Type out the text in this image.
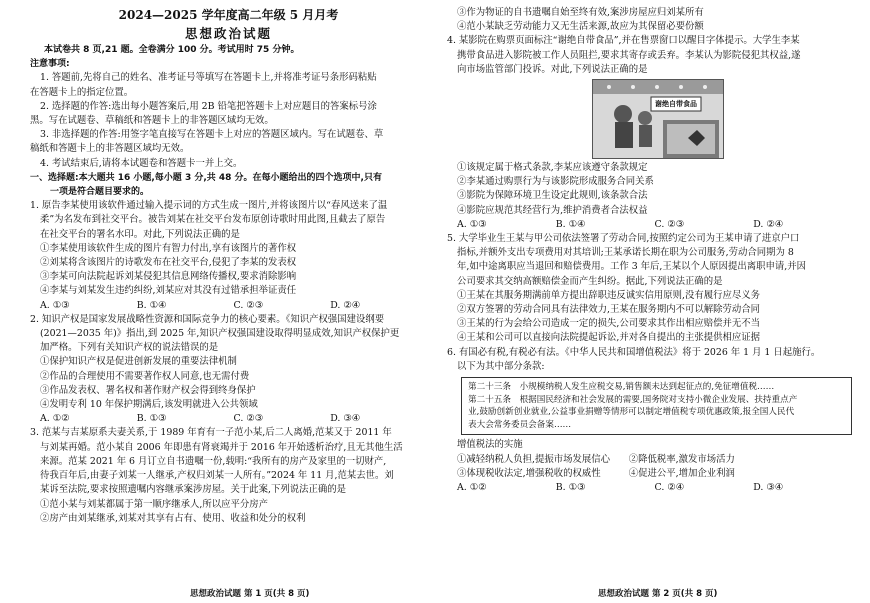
2024—2025 学年度高二年级 5 月月考
思想政治试题
本试卷共 8 页,21 题。全卷满分 100 分。考试用时 75 分钟。
注意事项:
1. 答题前,先将自己的姓名、准考证号等填写在答题卡上,并将准考证号条形码粘贴
在答题卡上的指定位置。
2. 选择题的作答:选出每小题答案后,用 2B 铅笔把答题卡上对应题目的答案标号涂
黑。写在试题卷、草稿纸和答题卡上的非答题区域均无效。
3. 非选择题的作答:用签字笔直接写在答题卡上对应的答题区域内。写在试题卷、草
稿纸和答题卡上的非答题区域均无效。
4. 考试结束后,请将本试题卷和答题卡一并上交。
一、选择题:本大题共 16 小题,每小题 3 分,共 48 分。在每小题给出的四个选项中,只有
一项是符合题目要求的。
1. 原告李某使用该软件通过输入提示词的方式生成一图片,并将该图片以“春风送来了温
柔”为名发布到社交平台。被告刘某在社交平台发布原创诗歌时用此图,且截去了原告
在社交平台的署名水印。对此,下列说法正确的是
①李某使用该软件生成的图片有智力付出,享有该图片的著作权
②刘某将含该图片的诗歌发布在社交平台,侵犯了李某的发表权
③李某可向法院起诉刘某侵犯其信息网络传播权,要求消除影响
④李某与刘某发生违约纠纷,刘某应对其没有过错承担举证责任
A. ①③	B. ①④	C. ②③	D. ②④
2. 知识产权是国家发展战略性资源和国际竞争力的核心要素。《知识产权强国建设纲要
(2021—2035 年)》指出,到 2025 年,知识产权强国建设取得明显成效,知识产权保护更
加严格。下列有关知识产权的说法错误的是
①保护知识产权是促进创新发展的重要法律机制
②作品的合理使用不需要著作权人同意,也无需付费
③作品发表权、署名权和著作财产权会得到终身保护
④发明专利 10 年保护期满后,该发明就进入公共领域
A. ①②	B. ①③	C. ②③	D. ③④
3. 范某与吉某原系夫妻关系,于 1989 年育有一子范小某,后二人离婚,范某又于 2011 年
与刘某再婚。范小某自 2006 年即患有肾衰竭并于 2016 年开始透析治疗,且无其他生活
来源。范某 2021 年 6 月订立自书遗嘱一份,载明:“我所有的房产及家里的一切财产,
待我百年后,由妻子刘某一人继承,产权归刘某一人所有。”2024 年 11 月,范某去世。刘
某诉至法院,要求按照遗嘱内容继承案涉房屋。关于此案,下列说法正确的是
①范小某与刘某都属于第一顺序继承人,所以应平分房产
②房产由刘某继承,刘某对其享有占有、使用、收益和处分的权利
思想政治试题 第 1 页(共 8 页)
③作为物证的自书遗嘱自始至终有效,案涉房屋应归刘某所有
④范小某缺乏劳动能力又无生活来源,故应为其保留必要份额
4. 某影院在购票页面标注“谢绝自带食品”,并在售票窗口以醒目字体提示。大学生李某
携带食品进入影院被工作人员阻拦,要求其寄存或丢弃。李某认为影院侵犯其权益,遂
向市场监管部门投诉。对此,下列说法正确的是
谢绝自带食品
①该规定属于格式条款,李某应该遵守条款规定
②李某通过购票行为与该影院形成服务合同关系
③影院为保障环境卫生设定此规则,该条款合法
④影院应规范其经营行为,维护消费者合法权益
A. ①③	B. ①④	C. ②③	D. ②④
5. 大学毕业生王某与甲公司依法签署了劳动合同,按照约定公司为王某申请了进京户口
指标,并额外支出专项费用对其培训;王某承诺长期在职为公司服务,劳动合同期为 8
年,如中途离职应当退回和赔偿费用。工作 3 年后,王某以个人原因提出离职申请,并因
公司要求其交纳高额赔偿金而产生纠纷。据此,下列说法正确的是
①王某在其服务期满前单方提出辞职违反诚实信用原则,没有履行应尽义务
②双方签署的劳动合同具有法律效力,王某在服务期内不可以解除劳动合同
③王某的行为会给公司造成一定的损失,公司要求其作出相应赔偿并无不当
④王某和公司可以直接向法院提起诉讼,并对各自提出的主张提供相应证据
6. 有国必有税,有税必有法。《中华人民共和国增值税法》将于 2026 年 1 月 1 日起施行。
以下为其中部分条款:
第二十三条　小规模纳税人发生应税交易,销售额未达到起征点的,免征增值税……
第二十五条　根据国民经济和社会发展的需要,国务院对支持小微企业发展、扶持重点产
业,鼓励创新创业就业,公益事业捐赠等情形可以制定增值税专项优惠政策,报全国人民代
表大会常务委员会备案……
增值税法的实施
①减轻纳税人负担,提振市场发展信心　　②降低税率,激发市场活力
③体现税收法定,增强税收的权威性　　　④促进公平,增加企业利润
A. ①②	B. ①③	C. ②④	D. ③④
思想政治试题 第 2 页(共 8 页)
